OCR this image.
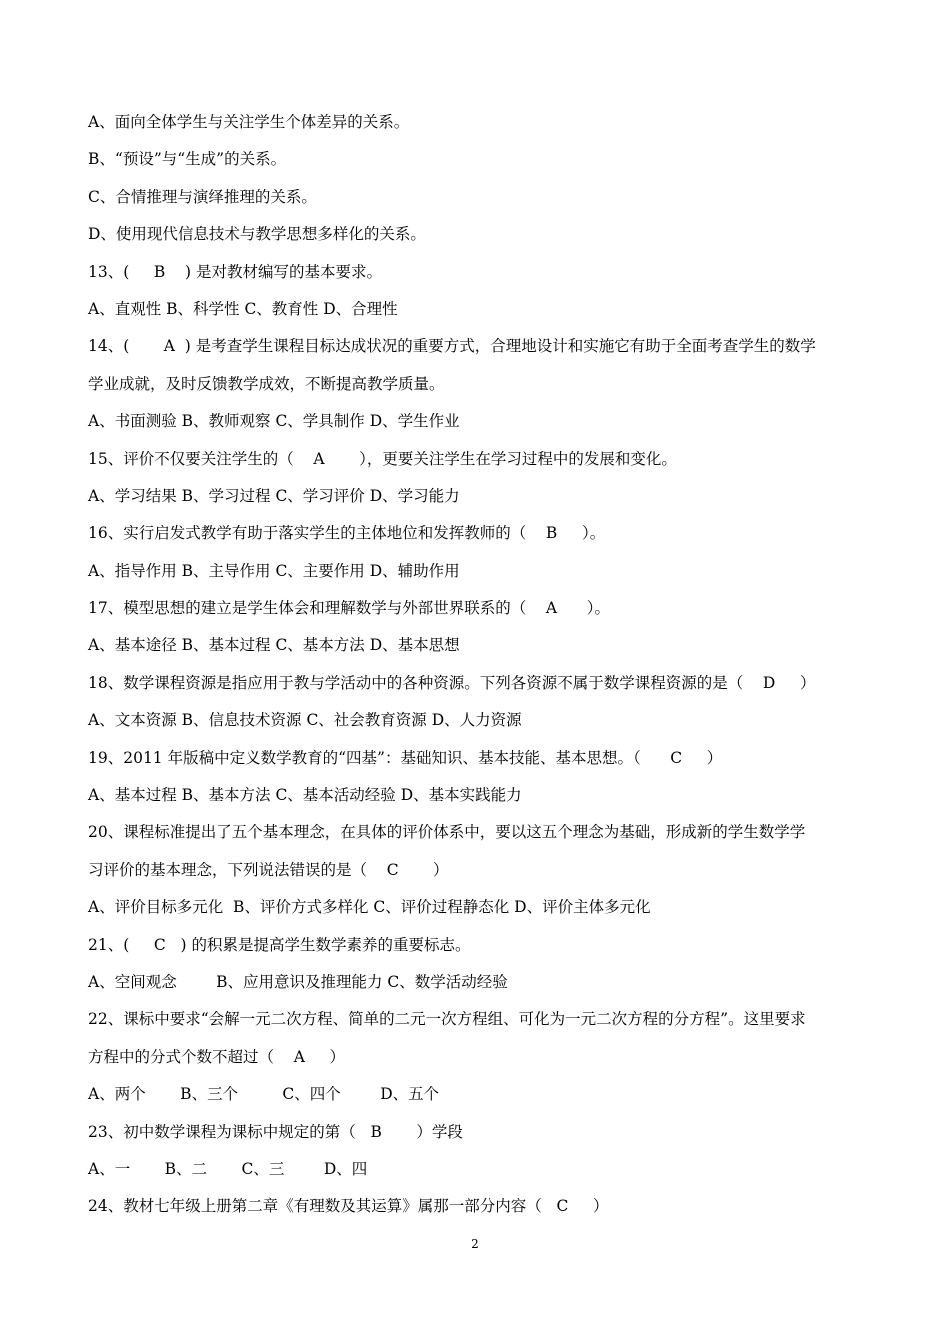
A、面向全体学生与关注学生个体差异的关系。

B、“预设”与“生成”的关系。

C、合情推理与演绎推理的关系。

D、使用现代信息技术与教学思想多样化的关系。

13、(     B    ) 是对教材编写的基本要求。

A、直观性 B、科学性 C、教育性 D、合理性

14、(       A  ) 是考查学生课程目标达成状况的重要方式，合理地设计和实施它有助于全面考查学生的数学

学业成就，及时反馈教学成效，不断提高教学质量。

A、书面测验 B、教师观察 C、学具制作 D、学生作业

15、评价不仅要关注学生的（    A       ），更要关注学生在学习过程中的发展和变化。

A、学习结果 B、学习过程 C、学习评价 D、学习能力

16、实行启发式教学有助于落实学生的主体地位和发挥教师的（    B     ）。

A、指导作用 B、主导作用 C、主要作用 D、辅助作用

17、模型思想的建立是学生体会和理解数学与外部世界联系的（    A      ）。

A、基本途径 B、基本过程 C、基本方法 D、基本思想

18、数学课程资源是指应用于教与学活动中的各种资源。下列各资源不属于数学课程资源的是（    D     ）

A、文本资源 B、信息技术资源 C、社会教育资源 D、人力资源

19、2011 年版稿中定义数学教育的“四基”：基础知识、基本技能、基本思想。（      C     ）

A、基本过程 B、基本方法 C、基本活动经验 D、基本实践能力

20、课程标准提出了五个基本理念，在具体的评价体系中，要以这五个理念为基础，形成新的学生数学学

习评价的基本理念，下列说法错误的是（    C       ）

A、评价目标多元化  B、评价方式多样化 C、评价过程静态化 D、评价主体多元化

21、(     C   ) 的积累是提高学生数学素养的重要标志。

A、空间观念        B、应用意识及推理能力 C、数学活动经验

22、课标中要求“会解一元二次方程、简单的二元一次方程组、可化为一元二次方程的分方程”。这里要求

方程中的分式个数不超过（    A     ）

A、两个       B、三个         C、四个        D、五个

23、初中数学课程为课标中规定的第（   B       ）学段

A、一       B、二       C、三        D、四

24、教材七年级上册第二章《有理数及其运算》属那一部分内容（   C     ）

2
